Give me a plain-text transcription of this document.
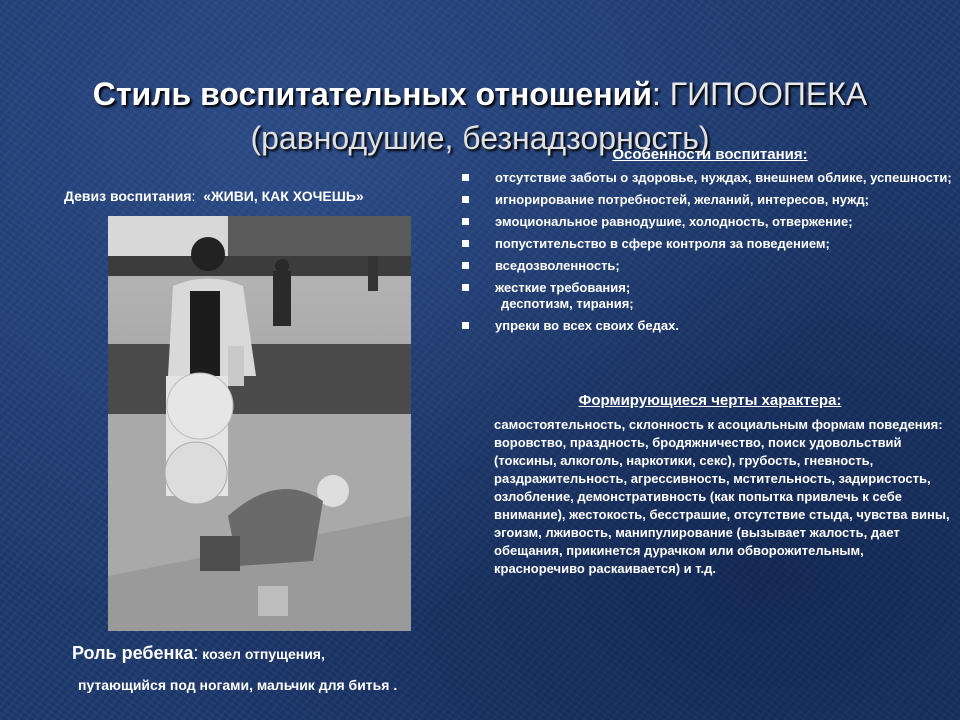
Стиль воспитательных отношений: ГИПООПЕКА
(равнодушие, безнадзорность)
Девиз воспитания: «ЖИВИ, КАК ХОЧЕШЬ»
Роль ребенка: козел отпущения,
путающийся под ногами, мальчик для битья .
Особенности воспитания:
отсутствие заботы о здоровье, нуждах, внешнем облике, успешности;
игнорирование потребностей, желаний, интересов, нужд;
эмоциональное равнодушие, холодность, отвержение;
попустительство в сфере контроля за поведением;
вседозволенность;
жесткие требования;
деспотизм, тирания;
упреки во всех своих бедах.
Формирующиеся черты характера:
самостоятельность, склонность к асоциальным формам поведения: воровство, праздность, бродяжничество, поиск удовольствий (токсины, алкоголь, наркотики, секс), грубость, гневность, раздражительность, агрессивность, мстительность, задиристость, озлобление, демонстративность (как попытка привлечь к себе внимание), жестокость, бесстрашие, отсутствие стыда, чувства вины, эгоизм, лживость, манипулирование (вызывает жалость, дает обещания, прикинется дурачком или обворожительным, красноречиво раскаивается) и т.д.
